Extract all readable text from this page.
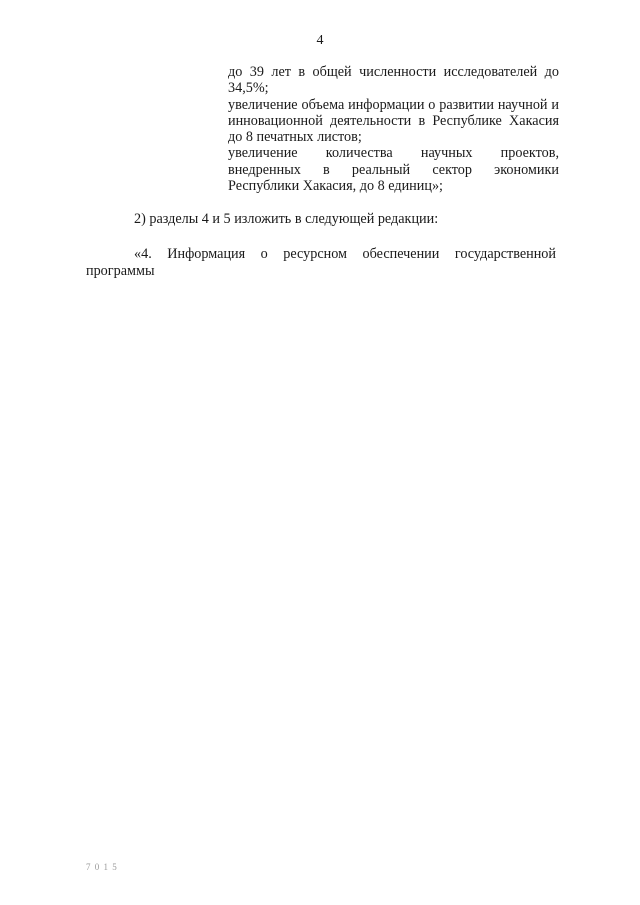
4
до 39 лет в общей численности исследователей до 34,5%;
увеличение объема информации о развитии научной и инновационной деятельности в Республике Хакасия до 8 печатных листов;
увеличение количества научных проектов, внедренных в реальный сектор экономики Республики Хакасия, до 8 единиц»;
2) разделы 4 и 5 изложить в следующей редакции:
«4. Информация о ресурсном обеспечении государственной программы
7 0 1 5
